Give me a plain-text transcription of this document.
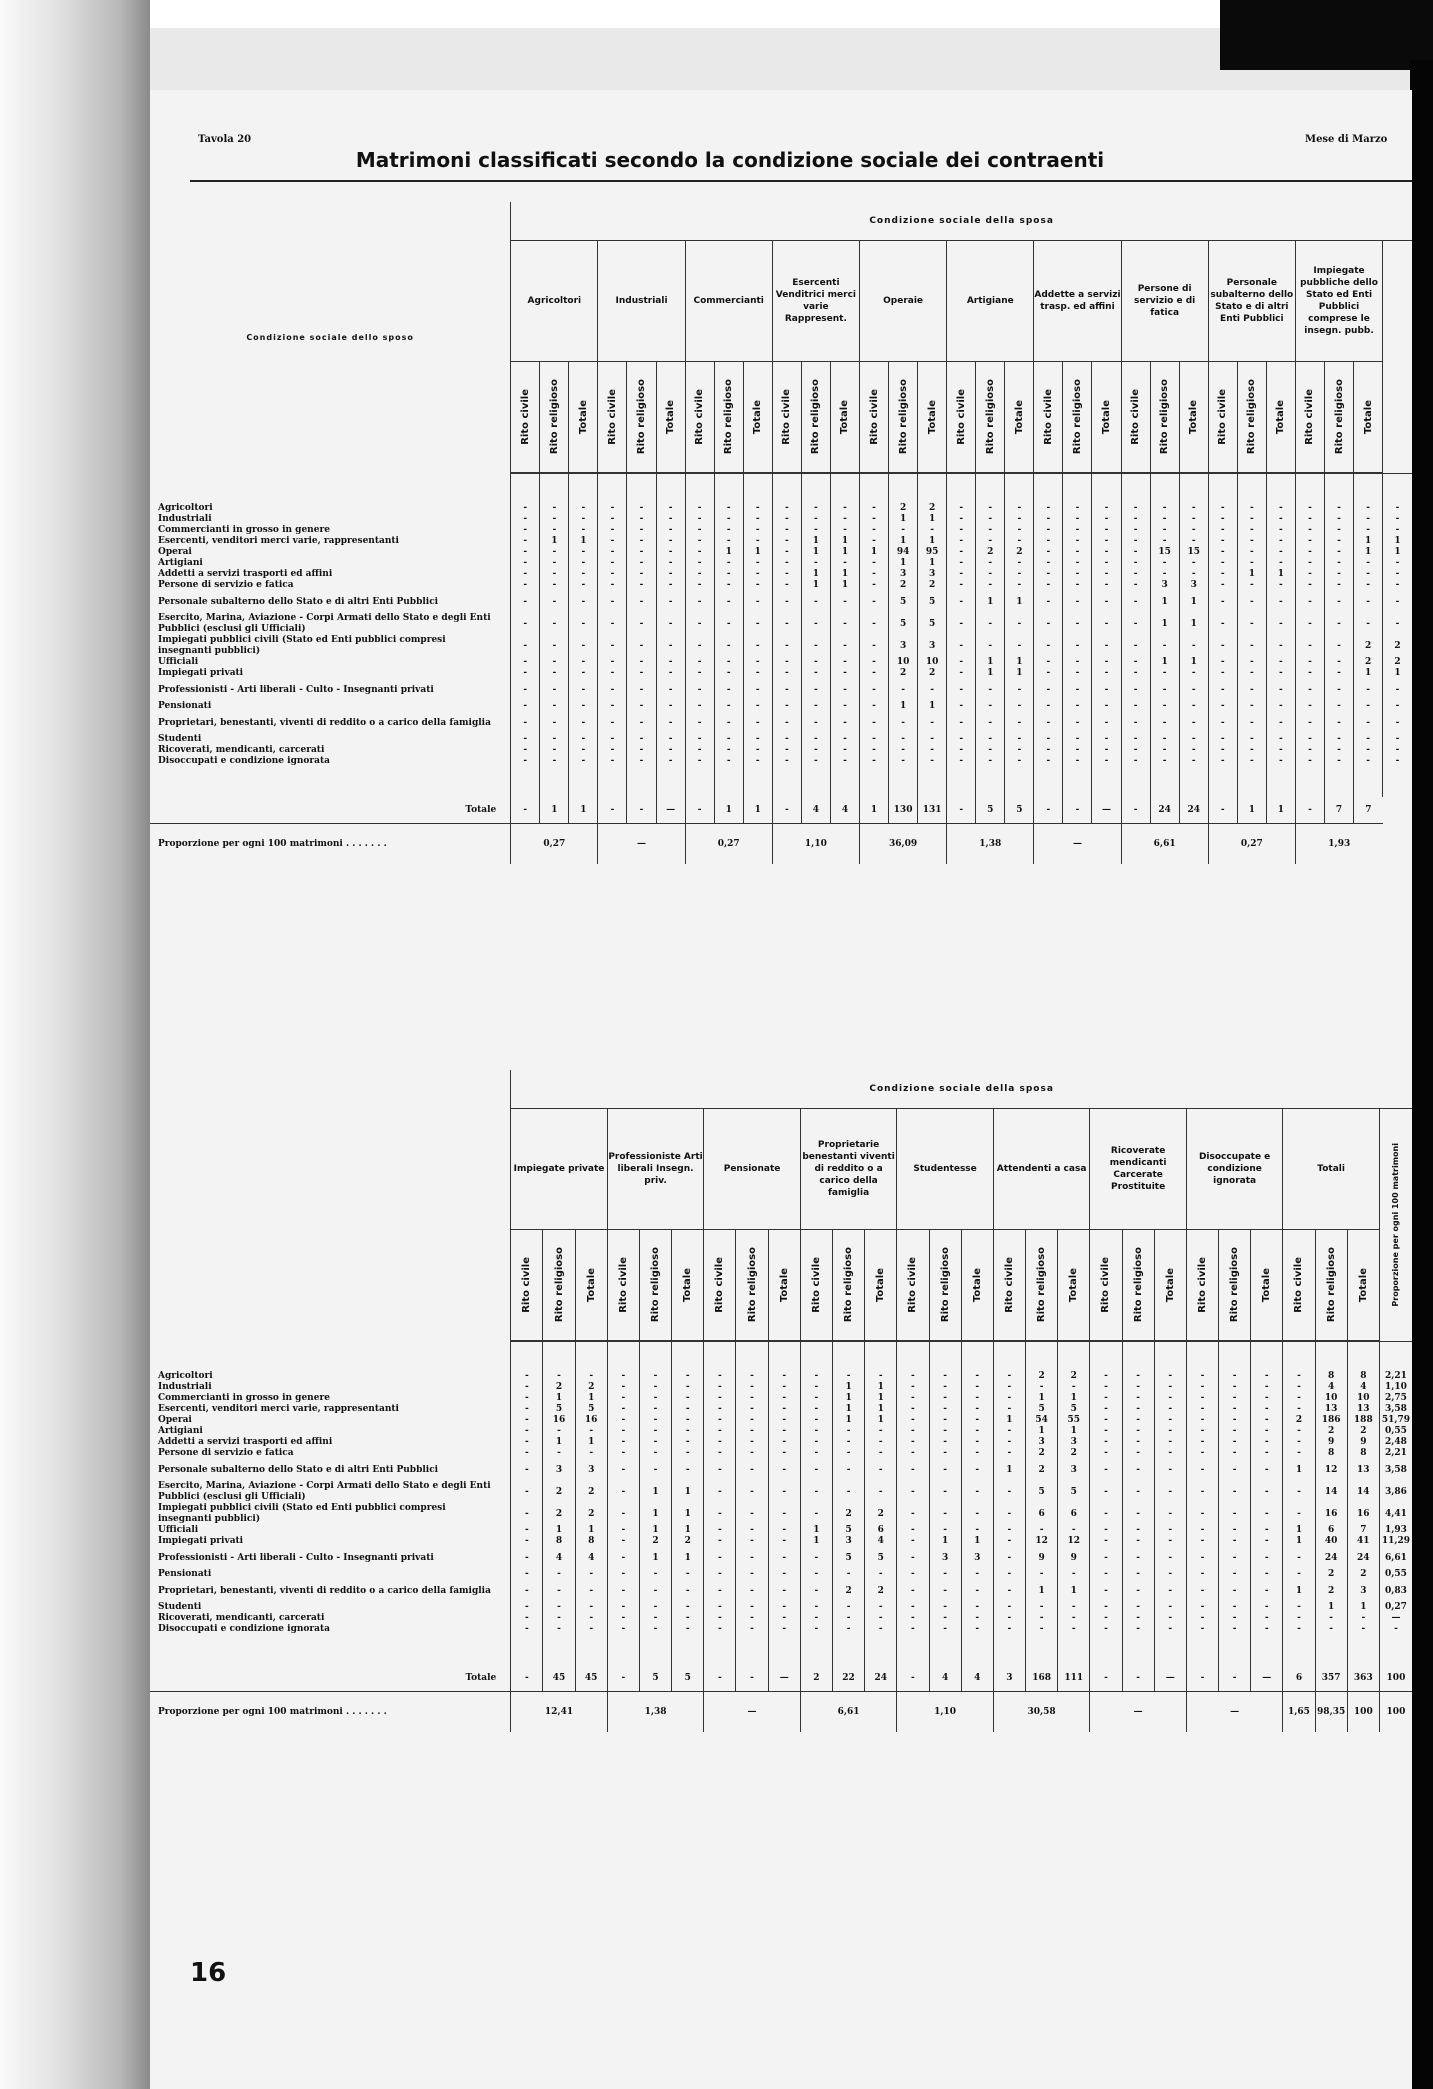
Tavola 20
Matrimoni classificati secondo la condizione sociale dei contraenti
Mese di Marzo
Condizione sociale dello sposo	Condizione sociale della sposa																														
	Agricoltori			Industriali			Commercianti			Esercenti Venditrici merci varie Rappresent.			Operaie			Artigiane			Addette a servizi trasp. ed affini			Persone di servizio e di fatica			Personale subalterno dello Stato e di altri Enti Pubblici			Impiegate pubbliche dello Stato ed Enti Pubblici comprese le insegn. pubb.			

	Rito civile	Rito religioso	Totale	Rito civile	Rito religioso	Totale	Rito civile	Rito religioso	Totale	Rito civile	Rito religioso	Totale	Rito civile	Rito religioso	Totale	Rito civile	Rito religioso	Totale	Rito civile	Rito religioso	Totale	Rito civile	Rito religioso	Totale	Rito civile	Rito religioso	Totale	Rito civile	Rito religioso	Totale	

Agricoltori	-	-	-	-	-	-	-	-	-	-	-	-	-	2	2	-	-	-	-	-	-	-	-	-	-	-	-	-	-	-	-
Industriali	-	-	-	-	-	-	-	-	-	-	-	-	-	1	1	-	-	-	-	-	-	-	-	-	-	-	-	-	-	-	-
Commercianti in grosso in genere	-	-	-	-	-	-	-	-	-	-	-	-	-	-	-	-	-	-	-	-	-	-	-	-	-	-	-	-	-	-	-
Esercenti, venditori merci varie, rappresentanti	-	1	1	-	-	-	-	-	-	-	1	1	-	1	1	-	-	-	-	-	-	-	-	-	-	-	-	-	-	1	1
Operai	-	-	-	-	-	-	-	1	1	-	1	1	1	94	95	-	2	2	-	-	-	-	15	15	-	-	-	-	-	1	1
Artigiani	-	-	-	-	-	-	-	-	-	-	-	-	-	1	1	-	-	-	-	-	-	-	-	-	-	-	-	-	-	-	-
Addetti a servizi trasporti ed affini	-	-	-	-	-	-	-	-	-	-	1	1	-	3	3	-	-	-	-	-	-	-	-	-	-	1	1	-	-	-	-
Persone di servizio e fatica	-	-	-	-	-	-	-	-	-	-	1	1	-	2	2	-	-	-	-	-	-	-	3	3	-	-	-	-	-	-	-
Personale subalterno dello Stato e di altri Enti Pubblici	-	-	-	-	-	-	-	-	-	-	-	-	-	5	5	-	1	1	-	-	-	-	1	1	-	-	-	-	-	-	-
Esercito, Marina, Aviazione - Corpi Armati dello Stato e degli Enti Pubblici (esclusi gli Ufficiali)	-	-	-	-	-	-	-	-	-	-	-	-	-	5	5	-	-	-	-	-	-	-	1	1	-	-	-	-	-	-	-
Impiegati pubblici civili (Stato ed Enti pubblici compresi insegnanti pubblici)	-	-	-	-	-	-	-	-	-	-	-	-	-	3	3	-	-	-	-	-	-	-	-	-	-	-	-	-	-	2	2
Ufficiali	-	-	-	-	-	-	-	-	-	-	-	-	-	10	10	-	1	1	-	-	-	-	1	1	-	-	-	-	-	2	2
Impiegati privati	-	-	-	-	-	-	-	-	-	-	-	-	-	2	2	-	1	1	-	-	-	-	-	-	-	-	-	-	-	1	1
Professionisti - Arti liberali - Culto - Insegnanti privati	-	-	-	-	-	-	-	-	-	-	-	-	-	-	-	-	-	-	-	-	-	-	-	-	-	-	-	-	-	-	-
Pensionati	-	-	-	-	-	-	-	-	-	-	-	-	-	1	1	-	-	-	-	-	-	-	-	-	-	-	-	-	-	-	-
Proprietari, benestanti, viventi di reddito o a carico della famiglia	-	-	-	-	-	-	-	-	-	-	-	-	-	-	-	-	-	-	-	-	-	-	-	-	-	-	-	-	-	-	-
Studenti	-	-	-	-	-	-	-	-	-	-	-	-	-	-	-	-	-	-	-	-	-	-	-	-	-	-	-	-	-	-	-
Ricoverati, mendicanti, carcerati	-	-	-	-	-	-	-	-	-	-	-	-	-	-	-	-	-	-	-	-	-	-	-	-	-	-	-	-	-	-	-
Disoccupati e condizione ignorata	-	-	-	-	-	-	-	-	-	-	-	-	-	-	-	-	-	-	-	-	-	-	-	-	-	-	-	-	-	-	-

Totale	-	1	1	-	-	—	-	1	1	-	4	4	1	130	131	-	5	5	-	-	—	-	24	24	-	1	1	-	7	7	
Proporzione per ogni 100 matrimoni . . . . . . .	0,27			—			0,27			1,10			36,09			1,38			—			6,61			0,27			1,93			
	Condizione sociale della sposa																											
	Impiegate private			Professioniste Arti liberali Insegn. priv.			Pensionate			Proprietarie benestanti viventi di reddito o a carico della famiglia			Studentesse			Attendenti a casa			Ricoverate mendicanti Carcerate Prostituite			Disoccupate e condizione ignorata			Totali			Proporzione per ogni 100 matrimoni

	Rito civile	Rito religioso	Totale	Rito civile	Rito religioso	Totale	Rito civile	Rito religioso	Totale	Rito civile	Rito religioso	Totale	Rito civile	Rito religioso	Totale	Rito civile	Rito religioso	Totale	Rito civile	Rito religioso	Totale	Rito civile	Rito religioso	Totale	Rito civile	Rito religioso	Totale	

Agricoltori	-	-	-	-	-	-	-	-	-	-	-	-	-	-	-	-	2	2	-	-	-	-	-	-	-	8	8	2,21
Industriali	-	2	2	-	-	-	-	-	-	-	1	1	-	-	-	-	-	-	-	-	-	-	-	-	-	4	4	1,10
Commercianti in grosso in genere	-	1	1	-	-	-	-	-	-	-	1	1	-	-	-	-	1	1	-	-	-	-	-	-	-	10	10	2,75
Esercenti, venditori merci varie, rappresentanti	-	5	5	-	-	-	-	-	-	-	1	1	-	-	-	-	5	5	-	-	-	-	-	-	-	13	13	3,58
Operai	-	16	16	-	-	-	-	-	-	-	1	1	-	-	-	1	54	55	-	-	-	-	-	-	2	186	188	51,79
Artigiani	-	-	-	-	-	-	-	-	-	-	-	-	-	-	-	-	1	1	-	-	-	-	-	-	-	2	2	0,55
Addetti a servizi trasporti ed affini	-	1	1	-	-	-	-	-	-	-	-	-	-	-	-	-	3	3	-	-	-	-	-	-	-	9	9	2,48
Persone di servizio e fatica	-	-	-	-	-	-	-	-	-	-	-	-	-	-	-	-	2	2	-	-	-	-	-	-	-	8	8	2,21
Personale subalterno dello Stato e di altri Enti Pubblici	-	3	3	-	-	-	-	-	-	-	-	-	-	-	-	1	2	3	-	-	-	-	-	-	1	12	13	3,58
Esercito, Marina, Aviazione - Corpi Armati dello Stato e degli Enti Pubblici (esclusi gli Ufficiali)	-	2	2	-	1	1	-	-	-	-	-	-	-	-	-	-	5	5	-	-	-	-	-	-	-	14	14	3,86
Impiegati pubblici civili (Stato ed Enti pubblici compresi insegnanti pubblici)	-	2	2	-	1	1	-	-	-	-	2	2	-	-	-	-	6	6	-	-	-	-	-	-	-	16	16	4,41
Ufficiali	-	1	1	-	1	1	-	-	-	1	5	6	-	-	-	-	-	-	-	-	-	-	-	-	1	6	7	1,93
Impiegati privati	-	8	8	-	2	2	-	-	-	1	3	4	-	1	1	-	12	12	-	-	-	-	-	-	1	40	41	11,29
Professionisti - Arti liberali - Culto - Insegnanti privati	-	4	4	-	1	1	-	-	-	-	5	5	-	3	3	-	9	9	-	-	-	-	-	-	-	24	24	6,61
Pensionati	-	-	-	-	-	-	-	-	-	-	-	-	-	-	-	-	-	-	-	-	-	-	-	-	-	2	2	0,55
Proprietari, benestanti, viventi di reddito o a carico della famiglia	-	-	-	-	-	-	-	-	-	-	2	2	-	-	-	-	1	1	-	-	-	-	-	-	1	2	3	0,83
Studenti	-	-	-	-	-	-	-	-	-	-	-	-	-	-	-	-	-	-	-	-	-	-	-	-	-	1	1	0,27
Ricoverati, mendicanti, carcerati	-	-	-	-	-	-	-	-	-	-	-	-	-	-	-	-	-	-	-	-	-	-	-	-	-	-	-	—
Disoccupati e condizione ignorata	-	-	-	-	-	-	-	-	-	-	-	-	-	-	-	-	-	-	-	-	-	-	-	-	-	-	-	-

Totale	-	45	45	-	5	5	-	-	—	2	22	24	-	4	4	3	168	111	-	-	—	-	-	—	6	357	363	100
Proporzione per ogni 100 matrimoni . . . . . . .	12,41			1,38			—			6,61			1,10			30,58			—			—			1,65	98,35	100	100
16
